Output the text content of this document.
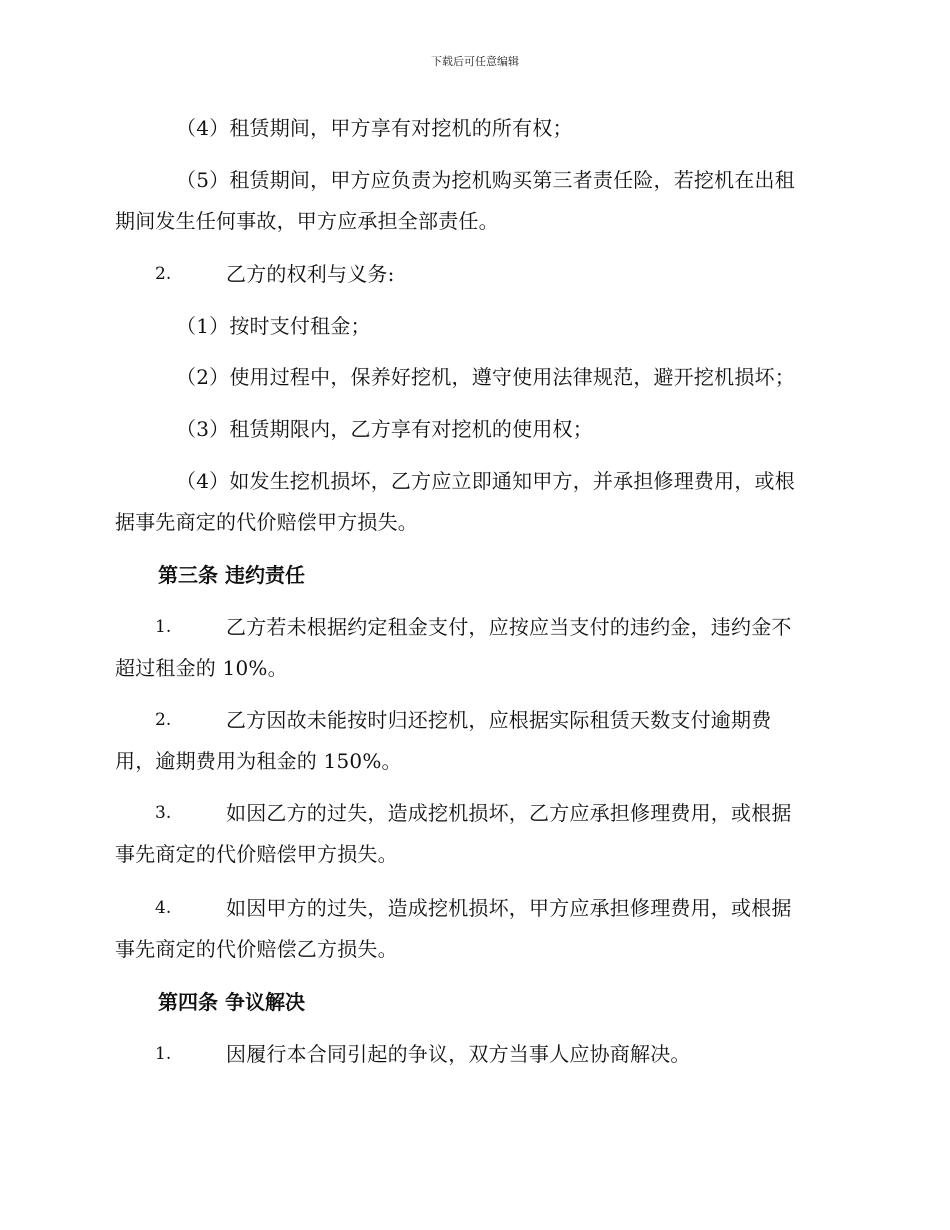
下载后可任意编辑
（4）租赁期间，甲方享有对挖机的所有权；
（5）租赁期间，甲方应负责为挖机购买第三者责任险，若挖机在出租
期间发生任何事故，甲方应承担全部责任。
2.	乙方的权利与义务:
（1）按时支付租金；
（2）使用过程中，保养好挖机，遵守使用法律规范，避开挖机损坏；
（3）租赁期限内，乙方享有对挖机的使用权；
（4）如发生挖机损坏，乙方应立即通知甲方，并承担修理费用，或根
据事先商定的代价赔偿甲方损失。
第三条 违约责任
1.	乙方若未根据约定租金支付，应按应当支付的违约金，违约金不
超过租金的 10%。
2.	乙方因故未能按时归还挖机，应根据实际租赁天数支付逾期费
用，逾期费用为租金的 150%。
3.	如因乙方的过失，造成挖机损坏，乙方应承担修理费用，或根据
事先商定的代价赔偿甲方损失。
4.	如因甲方的过失，造成挖机损坏，甲方应承担修理费用，或根据
事先商定的代价赔偿乙方损失。
第四条 争议解决
1.	因履行本合同引起的争议，双方当事人应协商解决。
